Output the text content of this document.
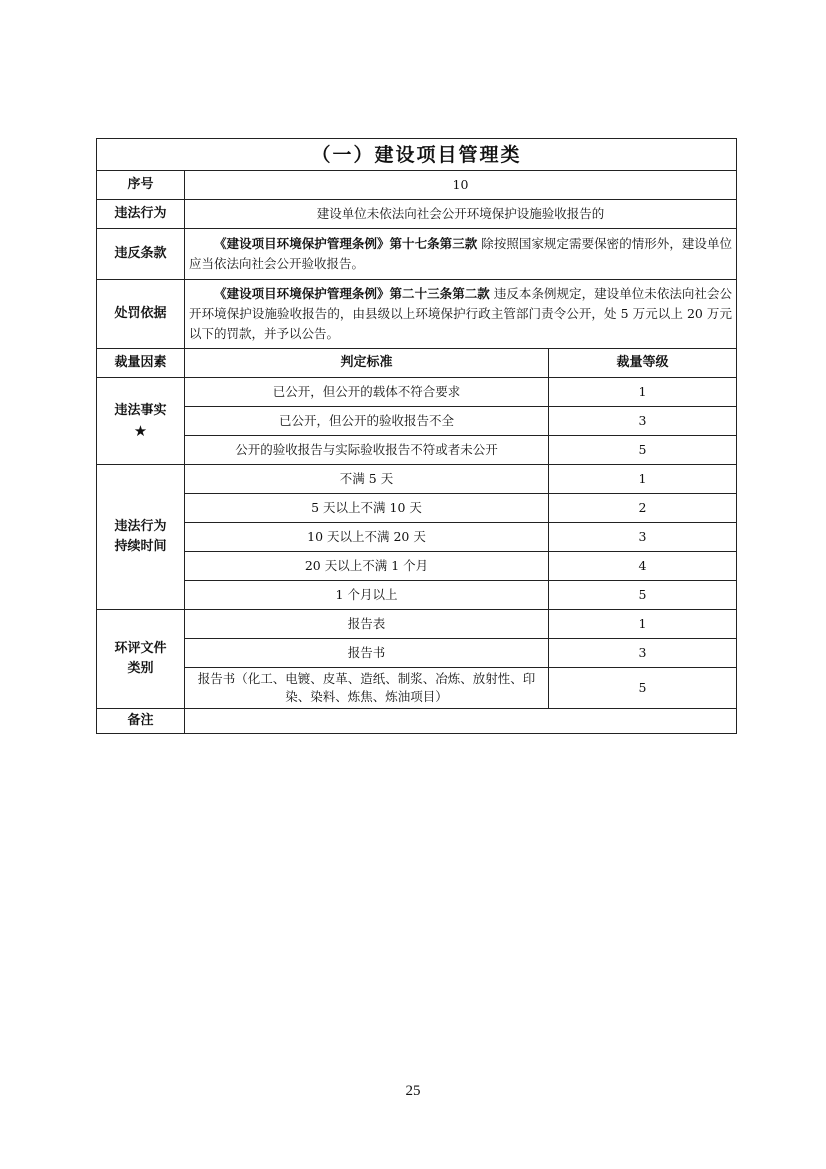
（一）建设项目管理类		
序号	10	
违法行为	建设单位未依法向社会公开环境保护设施验收报告的	
违反条款	《建设项目环境保护管理条例》第十七条第三款 除按照国家规定需要保密的情形外，建设单位应当依法向社会公开验收报告。	
处罚依据	《建设项目环境保护管理条例》第二十三条第二款 违反本条例规定，建设单位未依法向社会公开环境保护设施验收报告的，由县级以上环境保护行政主管部门责令公开，处 5 万元以上 20 万元以下的罚款，并予以公告。	
裁量因素	判定标准	裁量等级
违法事实
★	已公开，但公开的载体不符合要求	1
	已公开，但公开的验收报告不全	3
	公开的验收报告与实际验收报告不符或者未公开	5
违法行为持续时间	不满 5 天	1
	5 天以上不满 10 天	2
	10 天以上不满 20 天	3
	20 天以上不满 1 个月	4
	1 个月以上	5
环评文件类别	报告表	1
	报告书	3
	报告书（化工、电镀、皮革、造纸、制浆、冶炼、放射性、印染、染料、炼焦、炼油项目）	5
备注		
25
